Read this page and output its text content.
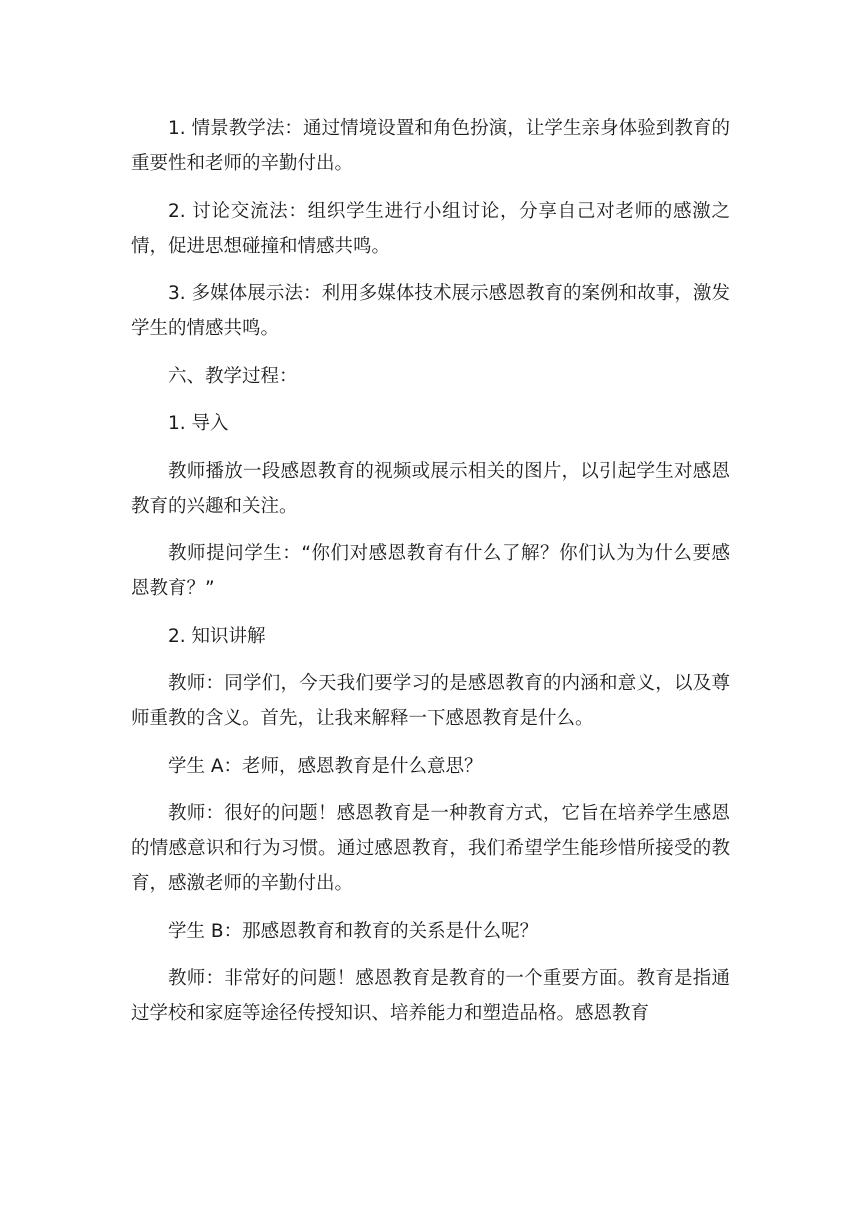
1. 情景教学法：通过情境设置和角色扮演，让学生亲身体验到教育的重要性和老师的辛勤付出。

2. 讨论交流法：组织学生进行小组讨论，分享自己对老师的感激之情，促进思想碰撞和情感共鸣。

3. 多媒体展示法：利用多媒体技术展示感恩教育的案例和故事，激发学生的情感共鸣。

六、教学过程：

1. 导入

教师播放一段感恩教育的视频或展示相关的图片，以引起学生对感恩教育的兴趣和关注。

教师提问学生：“你们对感恩教育有什么了解？你们认为为什么要感恩教育？”

2. 知识讲解

教师：同学们，今天我们要学习的是感恩教育的内涵和意义，以及尊师重教的含义。首先，让我来解释一下感恩教育是什么。

学生 A：老师，感恩教育是什么意思？

教师：很好的问题！感恩教育是一种教育方式，它旨在培养学生感恩的情感意识和行为习惯。通过感恩教育，我们希望学生能珍惜所接受的教育，感激老师的辛勤付出。

学生 B：那感恩教育和教育的关系是什么呢？

教师：非常好的问题！感恩教育是教育的一个重要方面。教育是指通过学校和家庭等途径传授知识、培养能力和塑造品格。感恩教育
